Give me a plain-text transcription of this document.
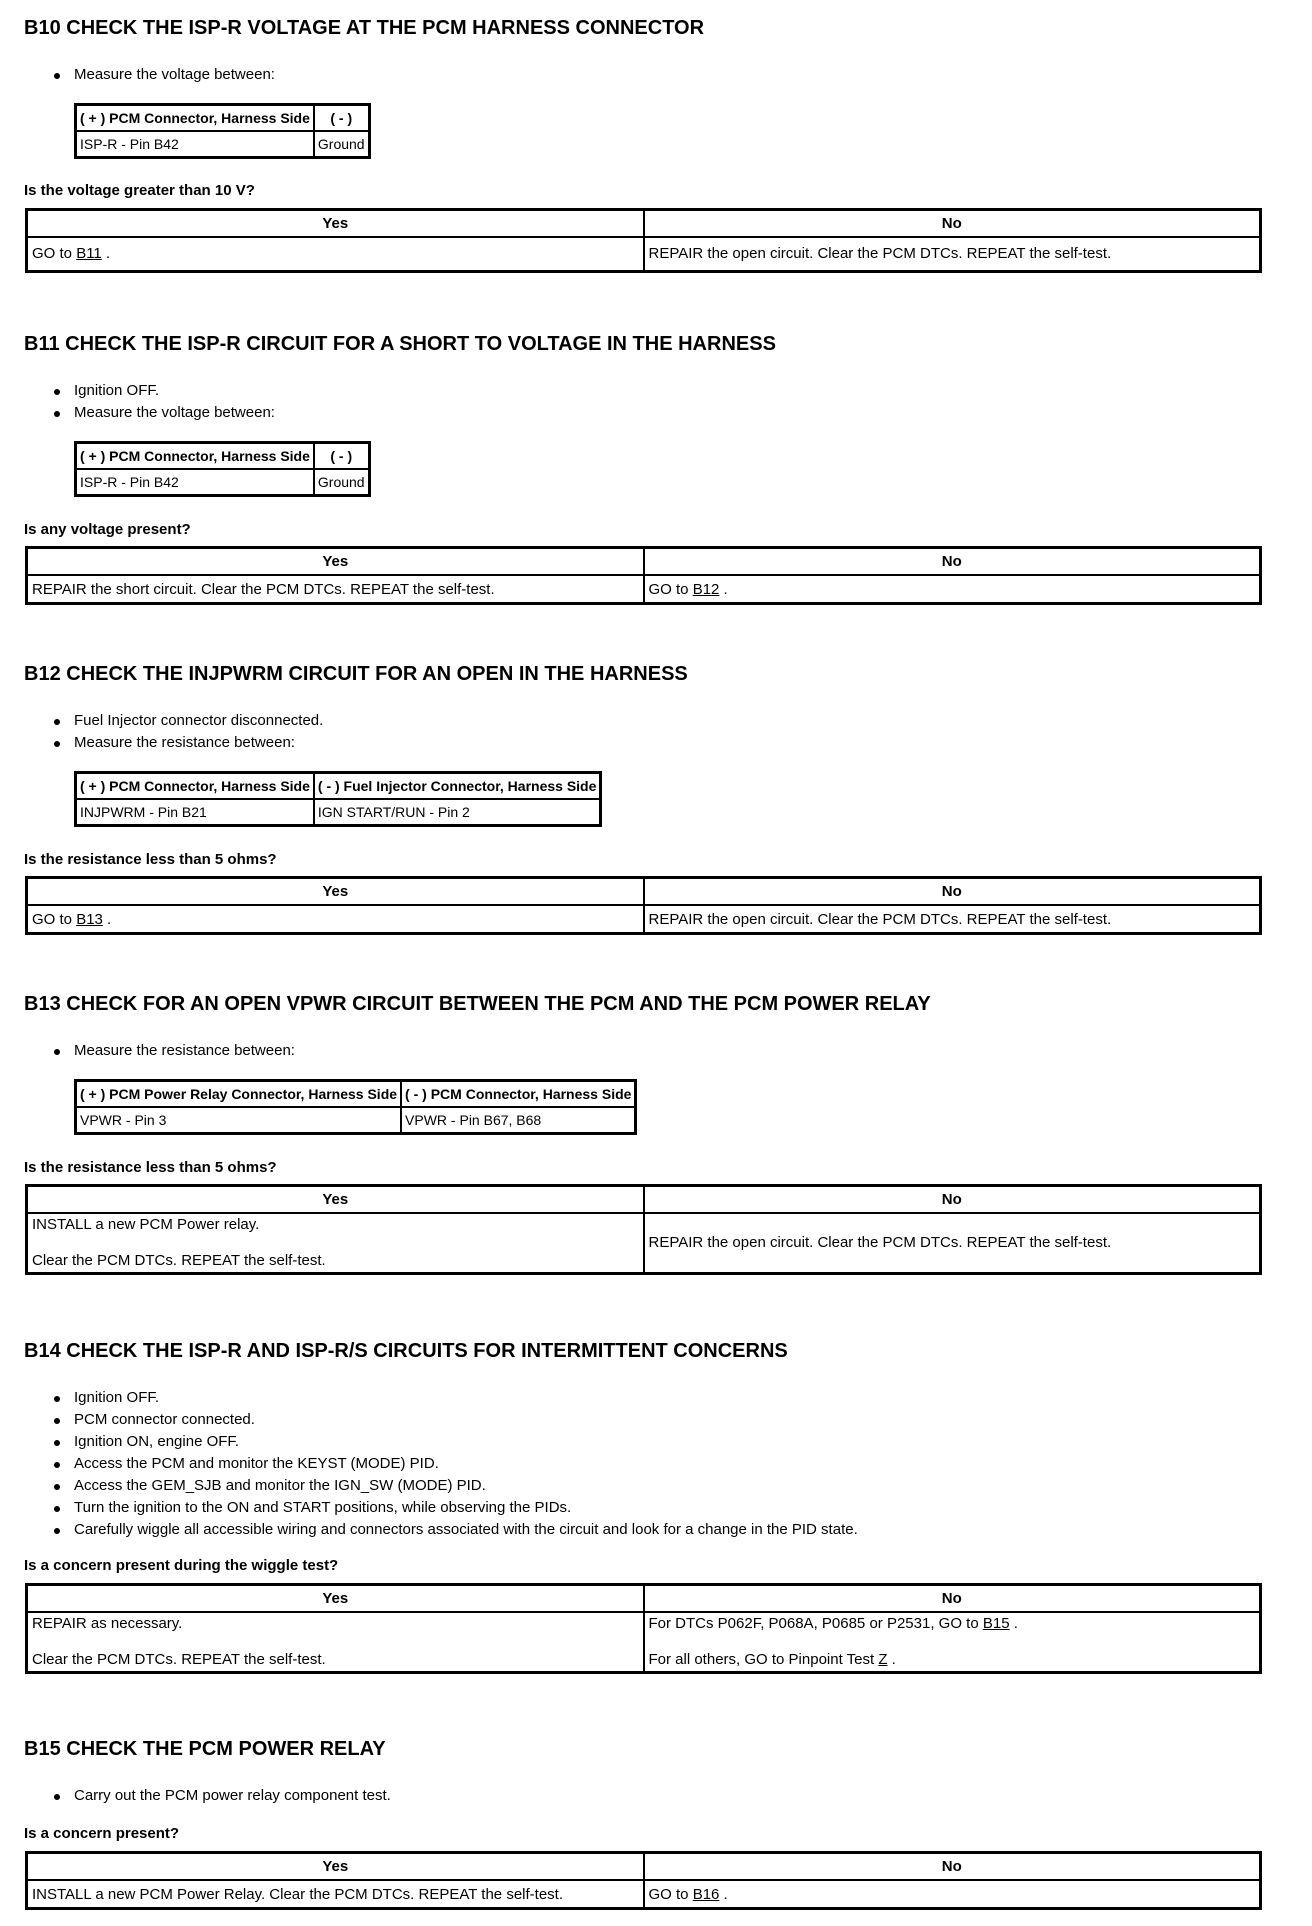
B10 CHECK THE ISP-R VOLTAGE AT THE PCM HARNESS CONNECTOR
Measure the voltage between:
( + ) PCM Connector, Harness Side	( - )
ISP-R - Pin B42	Ground

Is the voltage greater than 10 V?

Yes	No
GO to B11 .	REPAIR the open circuit. Clear the PCM DTCs. REPEAT the self-test.
B11 CHECK THE ISP-R CIRCUIT FOR A SHORT TO VOLTAGE IN THE HARNESS
Ignition OFF.
Measure the voltage between:
( + ) PCM Connector, Harness Side	( - )
ISP-R - Pin B42	Ground

Is any voltage present?

Yes	No
REPAIR the short circuit. Clear the PCM DTCs. REPEAT the self-test.	GO to B12 .
B12 CHECK THE INJPWRM CIRCUIT FOR AN OPEN IN THE HARNESS
Fuel Injector connector disconnected.
Measure the resistance between:
( + ) PCM Connector, Harness Side	( - ) Fuel Injector Connector, Harness Side
INJPWRM - Pin B21	IGN START/RUN - Pin 2

Is the resistance less than 5 ohms?

Yes	No
GO to B13 .	REPAIR the open circuit. Clear the PCM DTCs. REPEAT the self-test.
B13 CHECK FOR AN OPEN VPWR CIRCUIT BETWEEN THE PCM AND THE PCM POWER RELAY
Measure the resistance between:
( + ) PCM Power Relay Connector, Harness Side	( - ) PCM Connector, Harness Side
VPWR - Pin 3	VPWR - Pin B67, B68

Is the resistance less than 5 ohms?

Yes	No

INSTALL a new PCM Power relay.
Clear the PCM DTCs. REPEAT the self-test.	REPAIR the open circuit. Clear the PCM DTCs. REPEAT the self-test.
B14 CHECK THE ISP-R AND ISP-R/S CIRCUITS FOR INTERMITTENT CONCERNS
Ignition OFF.
PCM connector connected.
Ignition ON, engine OFF.
Access the PCM and monitor the KEYST (MODE) PID.
Access the GEM_SJB and monitor the IGN_SW (MODE) PID.
Turn the ignition to the ON and START positions, while observing the PIDs.
Carefully wiggle all accessible wiring and connectors associated with the circuit and look for a change in the PID state.

Is a concern present during the wiggle test?

Yes	No

REPAIR as necessary.
Clear the PCM DTCs. REPEAT the self-test.	For DTCs P062F, P068A, P0685 or P2531, GO to B15 .
For all others, GO to Pinpoint Test Z .
B15 CHECK THE PCM POWER RELAY
Carry out the PCM power relay component test.

Is a concern present?

Yes	No
INSTALL a new PCM Power Relay. Clear the PCM DTCs. REPEAT the self-test.	GO to B16 .
